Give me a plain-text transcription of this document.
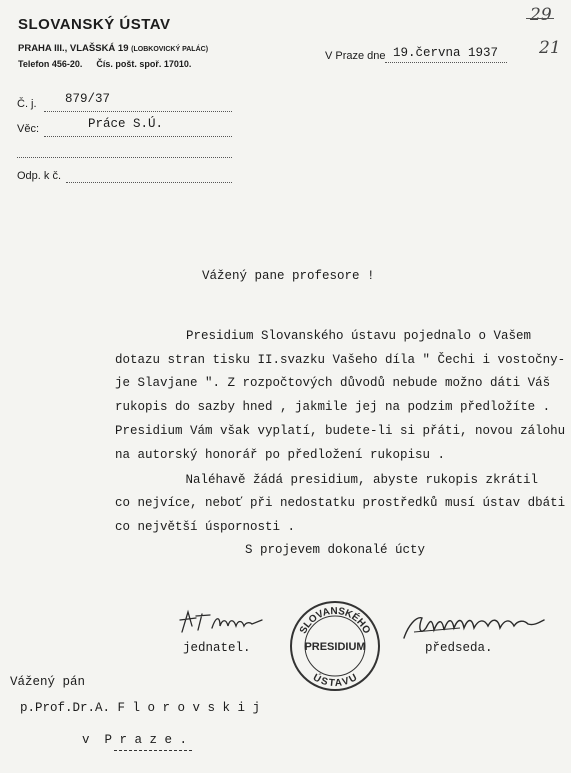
SLOVANSKÝ ÚSTAV
PRAHA III., VLAŠSKÁ 19 (LOBKOVICKÝ PALÁC)
Telefon 456-20. Čís. pošt. spoř. 17010.
29
21
V Praze dne 19.června 1937
Č. j. 879/37
Věc:	Práce S.Ú.
Odp. k č.
Vážený pane profesore !
Presidium Slovanského ústavu pojednalo o Vašem
dotazu stran tisku II.svazku Vašeho díla " Čechi i vostočny-
je Slavjane ". Z rozpočtových důvodů nebude možno dáti Váš
rukopis do sazby hned , jakmile jej na podzim předložíte .
Presidium Vám však vyplatí, budete-li si přáti, novou zálohu
na autorský honorář po předložení rukopisu .
Naléhavě žádá presidium, abyste rukopis zkrátil
co nejvíce, neboť při nedostatku prostředků musí ústav dbáti
co největší úspornosti .
S projevem dokonalé úcty
jednatel.
SLOVANSKÉHO
ÚSTAVU
PRESIDIUM	předseda.
Vážený pán
p.Prof.Dr.A. F l o r o v s k i j
v  P r a z e .
